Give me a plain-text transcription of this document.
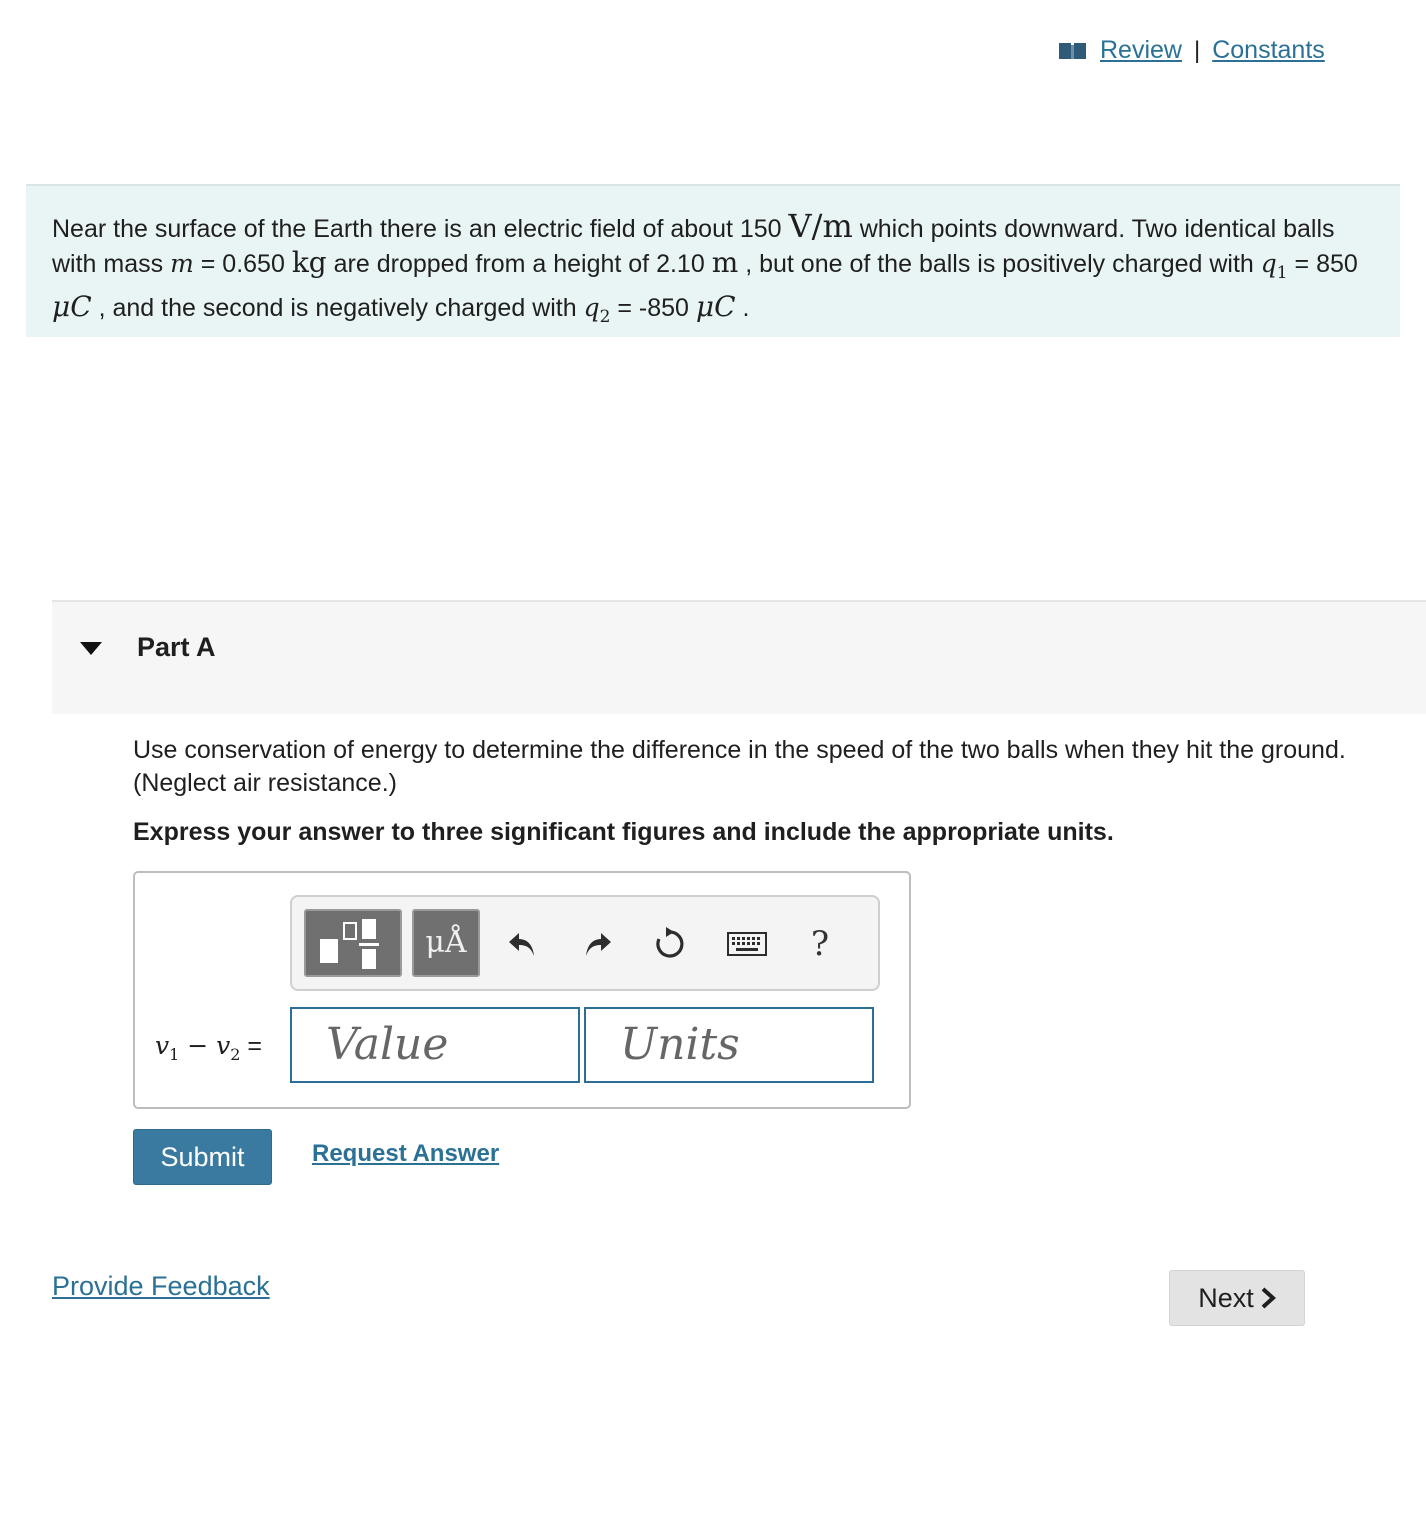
Review | Constants
Near the surface of the Earth there is an electric field of about 150 V/m which points downward. Two identical balls with mass m = 0.650 kg are dropped from a height of 2.10 m , but one of the balls is positively charged with $q_1 = 850$ μC , and the second is negatively charged with $q_2 = -850$ μC .
Part A
Use conservation of energy to determine the difference in the speed of the two balls when they hit the ground. (Neglect air resistance.)
Express your answer to three significant figures and include the appropriate units.
μÅ	?
$v_1 - v_2$ =	Value	Units
Submit	Request Answer
Provide Feedback	Next
